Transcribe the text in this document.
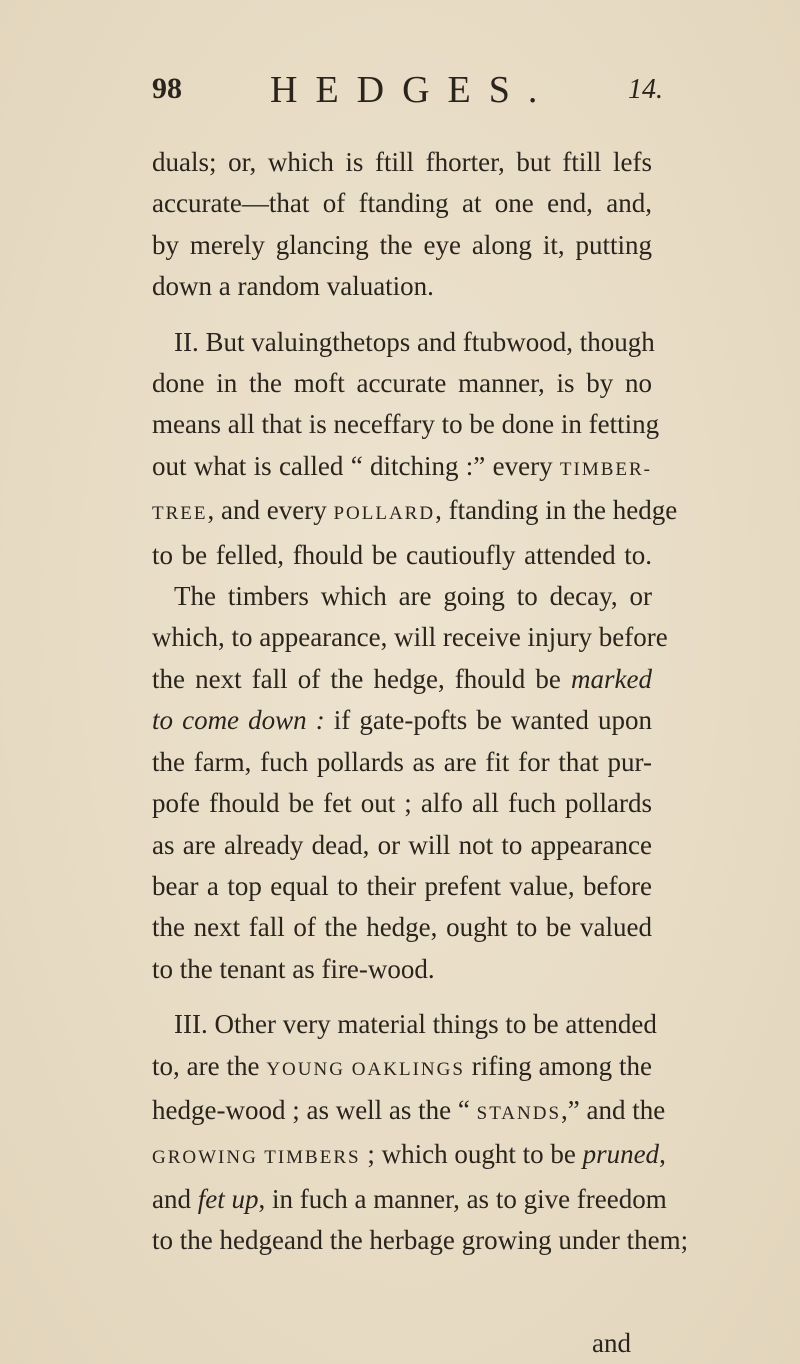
98 HEDGES.	14.
duals; or, which is ftill fhorter, but ftill lefs
accurate—that of ftanding at one end, and,
by merely glancing the eye along it, putting
down a random valuation.
II. But valuingthetops and ftubwood, though
done in the moft accurate manner, is by no
means all that is neceffary to be done in fetting
out what is called “ ditching :” every TIMBER-
TREE, and every POLLARD, ftanding in the hedge
to be felled, fhould be cautioufly attended to.
The timbers which are going to decay, or
which, to appearance, will receive injury before
the next fall of the hedge, fhould be marked
to come down : if gate-pofts be wanted upon
the farm, fuch pollards as are fit for that pur-
pofe fhould be fet out ; alfo all fuch pollards
as are already dead, or will not to appearance
bear a top equal to their prefent value, before
the next fall of the hedge, ought to be valued
to the tenant as fire-wood.
III. Other very material things to be attended
to, are the YOUNG OAKLINGS rifing among the
hedge-wood ; as well as the “ STANDS,” and the
GROWING TIMBERS ; which ought to be pruned,
and fet up, in fuch a manner, as to give freedom
to the hedgeand the herbage growing under them;
and
